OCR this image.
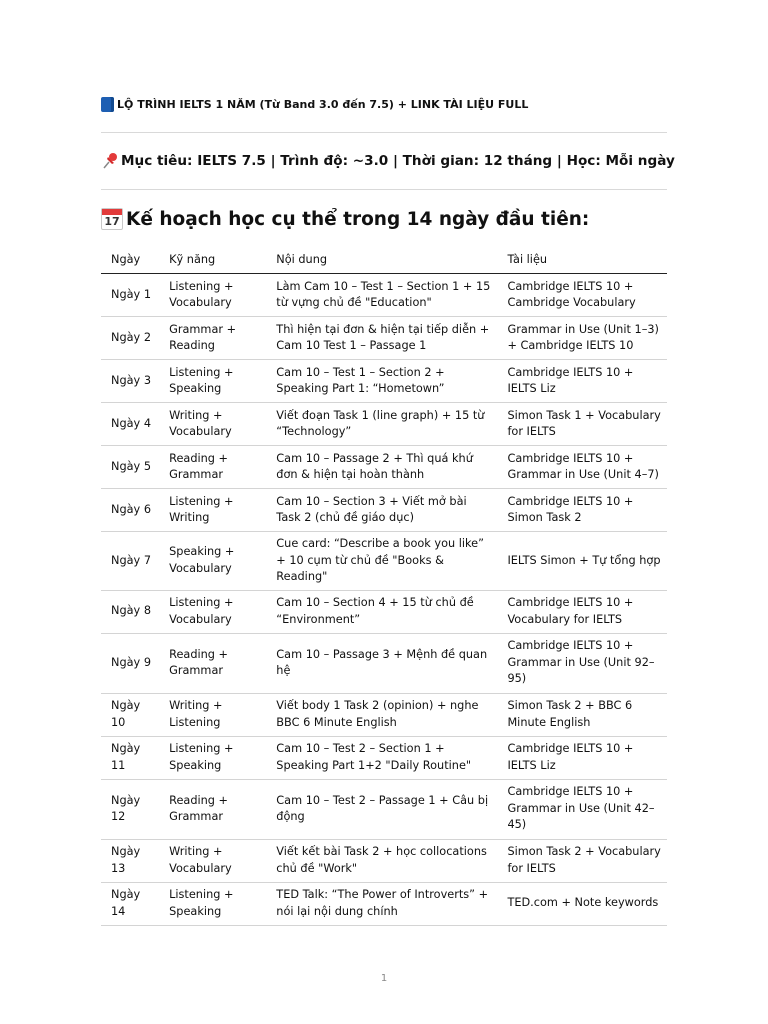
LỘ TRÌNH IELTS 1 NĂM (Từ Band 3.0 đến 7.5) + LINK TÀI LIỆU FULL
Mục tiêu: IELTS 7.5 | Trình độ: ~3.0 | Thời gian: 12 tháng | Học: Mỗi ngày
17 Kế hoạch học cụ thể trong 14 ngày đầu tiên:
Ngày	Kỹ năng	Nội dung	Tài liệu
Ngày 1	Listening + Vocabulary	Làm Cam 10 – Test 1 – Section 1 + 15 từ vựng chủ đề "Education"	Cambridge IELTS 10 + Cambridge Vocabulary
Ngày 2	Grammar + Reading	Thì hiện tại đơn & hiện tại tiếp diễn + Cam 10 Test 1 – Passage 1	Grammar in Use (Unit 1–3) + Cambridge IELTS 10
Ngày 3	Listening + Speaking	Cam 10 – Test 1 – Section 2 + Speaking Part 1: “Hometown”	Cambridge IELTS 10 + IELTS Liz
Ngày 4	Writing + Vocabulary	Viết đoạn Task 1 (line graph) + 15 từ “Technology”	Simon Task 1 + Vocabulary for IELTS
Ngày 5	Reading + Grammar	Cam 10 – Passage 2 + Thì quá khứ đơn & hiện tại hoàn thành	Cambridge IELTS 10 + Grammar in Use (Unit 4–7)
Ngày 6	Listening + Writing	Cam 10 – Section 3 + Viết mở bài Task 2 (chủ đề giáo dục)	Cambridge IELTS 10 + Simon Task 2
Ngày 7	Speaking + Vocabulary	Cue card: “Describe a book you like” + 10 cụm từ chủ đề "Books & Reading"	IELTS Simon + Tự tổng hợp
Ngày 8	Listening + Vocabulary	Cam 10 – Section 4 + 15 từ chủ đề “Environment”	Cambridge IELTS 10 + Vocabulary for IELTS
Ngày 9	Reading + Grammar	Cam 10 – Passage 3 + Mệnh đề quan hệ	Cambridge IELTS 10 + Grammar in Use (Unit 92–95)
Ngày 10	Writing + Listening	Viết body 1 Task 2 (opinion) + nghe BBC 6 Minute English	Simon Task 2 + BBC 6 Minute English
Ngày 11	Listening + Speaking	Cam 10 – Test 2 – Section 1 + Speaking Part 1+2 "Daily Routine"	Cambridge IELTS 10 + IELTS Liz
Ngày 12	Reading + Grammar	Cam 10 – Test 2 – Passage 1 + Câu bị động	Cambridge IELTS 10 + Grammar in Use (Unit 42–45)
Ngày 13	Writing + Vocabulary	Viết kết bài Task 2 + học collocations chủ đề "Work"	Simon Task 2 + Vocabulary for IELTS
Ngày 14	Listening + Speaking	TED Talk: “The Power of Introverts” + nói lại nội dung chính	TED.com + Note keywords
1
